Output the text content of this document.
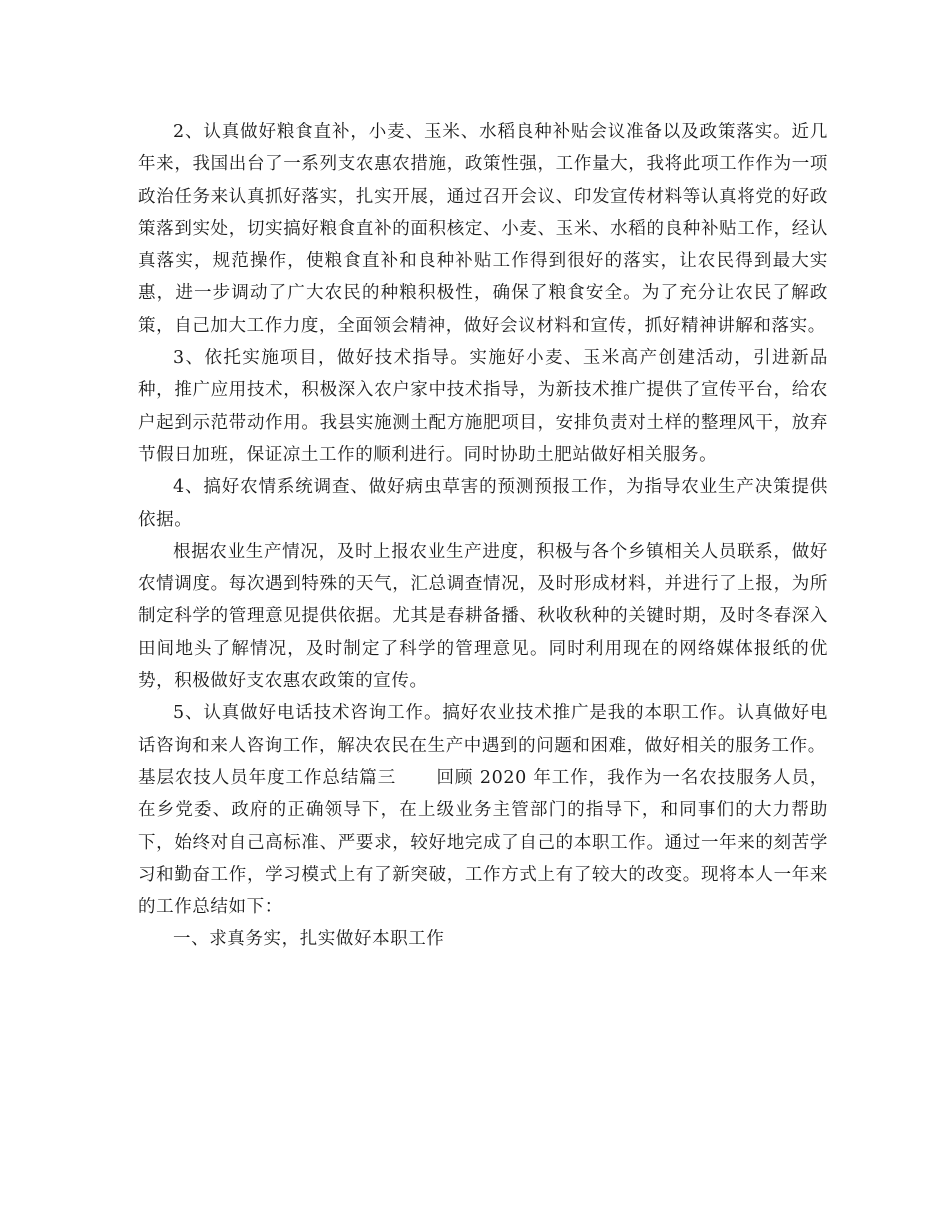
2、认真做好粮食直补，小麦、玉米、水稻良种补贴会议准备以及政策落实。近几年来，我国出台了一系列支农惠农措施，政策性强，工作量大，我将此项工作作为一项政治任务来认真抓好落实，扎实开展，通过召开会议、印发宣传材料等认真将党的好政策落到实处，切实搞好粮食直补的面积核定、小麦、玉米、水稻的良种补贴工作，经认真落实，规范操作，使粮食直补和良种补贴工作得到很好的落实，让农民得到最大实惠，进一步调动了广大农民的种粮积极性，确保了粮食安全。为了充分让农民了解政策，自己加大工作力度，全面领会精神，做好会议材料和宣传，抓好精神讲解和落实。

3、依托实施项目，做好技术指导。实施好小麦、玉米高产创建活动，引进新品种，推广应用技术，积极深入农户家中技术指导，为新技术推广提供了宣传平台，给农户起到示范带动作用。我县实施测土配方施肥项目，安排负责对土样的整理风干，放弃节假日加班，保证凉土工作的顺利进行。同时协助土肥站做好相关服务。

4、搞好农情系统调查、做好病虫草害的预测预报工作，为指导农业生产决策提供依据。

根据农业生产情况，及时上报农业生产进度，积极与各个乡镇相关人员联系，做好农情调度。每次遇到特殊的天气，汇总调查情况，及时形成材料，并进行了上报，为所制定科学的管理意见提供依据。尤其是春耕备播、秋收秋种的关键时期，及时冬春深入田间地头了解情况，及时制定了科学的管理意见。同时利用现在的网络媒体报纸的优势，积极做好支农惠农政策的宣传。

5、认真做好电话技术咨询工作。搞好农业技术推广是我的本职工作。认真做好电话咨询和来人咨询工作，解决农民在生产中遇到的问题和困难，做好相关的服务工作。

基层农技人员年度工作总结篇三 回顾 2020 年工作，我作为一名农技服务人员，在乡党委、政府的正确领导下，在上级业务主管部门的指导下，和同事们的大力帮助下，始终对自己高标准、严要求，较好地完成了自己的本职工作。通过一年来的刻苦学习和勤奋工作，学习模式上有了新突破，工作方式上有了较大的改变。现将本人一年来的工作总结如下：

一、求真务实，扎实做好本职工作
